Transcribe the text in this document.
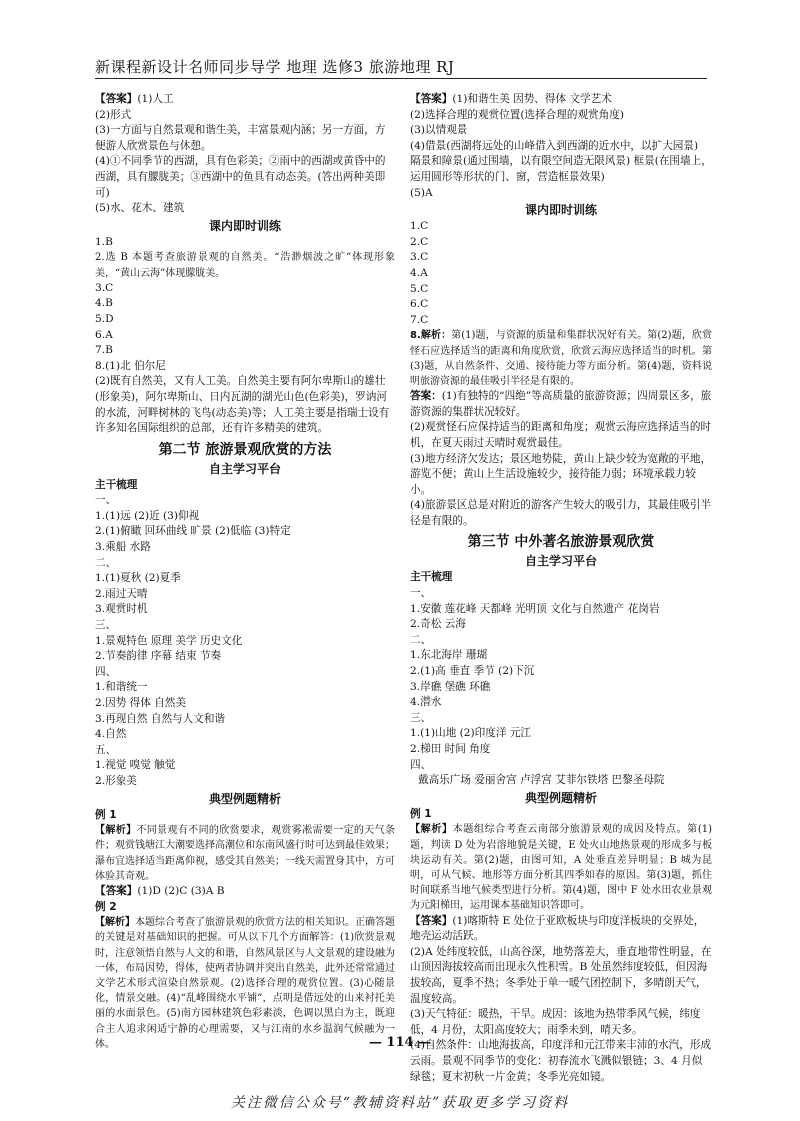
新课程新设计名师同步导学 地理 选修3 旅游地理 RJ
【答案】(1)人工
(2)形式
(3)一方面与自然景观和谐生美，丰富景观内涵；另一方面，方便游人欣赏景色与休憩。
(4)①不同季节的西湖，具有色彩美；②雨中的西湖或黄昏中的西湖，具有朦胧美；③西湖中的鱼具有动态美。(答出两种美即可)
(5)水、花木、建筑
课内即时训练
1.B
2.选 B 本题考查旅游景观的自然美。“浩渺烟波之旷”体现形象美，“黄山云海”体现朦胧美。
3.C
4.B
5.D
6.A
7.B
8.(1)北 伯尔尼
(2)既有自然美，又有人工美。自然美主要有阿尔卑斯山的雄壮(形象美)，阿尔卑斯山、日内瓦湖的湖光山色(色彩美)，罗讷河的水流，河畔树林的飞鸟(动态美)等；人工美主要是指瑞士设有许多知名国际组织的总部，还有许多精美的建筑。
第二节 旅游景观欣赏的方法
自主学习平台
主干梳理
一、
1.(1)远 (2)近 (3)仰视
2.(1)俯瞰 回环曲线 旷景 (2)低临 (3)特定
3.乘船 水路
二、
1.(1)夏秋 (2)夏季
2.雨过天晴
3.观赏时机
三、
1.景观特色 原理 美学 历史文化
2.节奏韵律 序幕 结束 节奏
四、
1.和谐统一
2.因势 得体 自然美
3.再现自然 自然与人文和谐
4.自然
五、
1.视觉 嗅觉 触觉
2.形象美
典型例题精析
例 1
【解析】不同景观有不同的欣赏要求，观赏雾凇需要一定的天气条件；观赏钱塘江大潮要选择高潮位和东南风盛行时可达到最佳效果；瀑布宜选择适当距离仰视，感受其自然美；一线天需置身其中，方可体验其奇观。
【答案】(1)D (2)C (3)A B
例 2
【解析】本题综合考查了旅游景观的欣赏方法的相关知识。正确答题的关键是对基础知识的把握。可从以下几个方面解答：(1)欣赏景观时，注意领悟自然与人文的和谐，自然风景区与人文景观的建设融为一体，布局因势，得体，使两者协调并突出自然美，此外还常常通过文学艺术形式渲染自然景观。(2)选择合理的观赏位置。(3)心随景化，情景交融。(4)“乱峰围绕水平铺”，点明是借远处的山来衬托美丽的水面景色。(5)南方园林建筑色彩素淡，色调以黑白为主，既迎合主人追求闲适宁静的心理需要，又与江南的水乡温润气候融为一体。
【答案】(1)和谐生美 因势、得体 文学艺术
(2)选择合理的观赏位置(选择合理的观赏角度)
(3)以情观景
(4)借景(西湖将远处的山峰借入到西湖的近水中，以扩大园景) 隔景和障景(通过围墙，以有限空间造无限风景) 框景(在围墙上，运用圆形等形状的门、窗，营造框景效果)
(5)A
课内即时训练
1.C
2.C
3.C
4.A
5.C
6.C
7.C
8.解析：第(1)题，与资源的质量和集群状况好有关。第(2)题，欣赏怪石应选择适当的距离和角度欣赏，欣赏云海应选择适当的时机。第(3)题，从自然条件、交通、接待能力等方面分析。第(4)题，资料说明旅游资源的最佳吸引半径是有限的。
答案：(1)有独特的“四绝”等高质量的旅游资源；四周景区多，旅游资源的集群状况较好。
(2)观赏怪石应保持适当的距离和角度；观赏云海应选择适当的时机，在夏天雨过天晴时观赏最佳。
(3)地方经济欠发达；景区地势陡，黄山上缺少较为宽敞的平地，游览不便；黄山上生活设施较少，接待能力弱；环境承载力较小。
(4)旅游景区总是对附近的游客产生较大的吸引力，其最佳吸引半径是有限的。
第三节 中外著名旅游景观欣赏
自主学习平台
主干梳理
一、
1.安徽 莲花峰 天都峰 光明顶 文化与自然遗产 花岗岩
2.奇松 云海
二、
1.东北海岸 珊瑚
2.(1)高 垂直 季节 (2)下沉
3.岸礁 堡礁 环礁
4.潜水
三、
1.(1)山地 (2)印度洋 元江
2.梯田 时间 角度
四、
戴高乐广场 爱丽舍宫 卢浮宫 艾菲尔铁塔 巴黎圣母院
典型例题精析
例 1
【解析】本题组综合考查云南部分旅游景观的成因及特点。第(1)题，判读 D 处为岩溶地貌是关键，E 处火山地热景观的形成多与板块运动有关。第(2)题，由图可知，A 处垂直差异明显；B 城为昆明，可从气候、地形等方面分析其四季如春的原因。第(3)题，抓住时间联系当地气候类型进行分析。第(4)题，图中 F 处水田农业景观为元阳梯田，运用课本基础知识答即可。
【答案】(1)喀斯特 E 处位于亚欧板块与印度洋板块的交界处，地壳运动活跃。
(2)A 处纬度较低，山高谷深，地势落差大，垂直地带性明显，在山顶因海拔较高而出现永久性积雪。B 处虽然纬度较低，但因海拔较高，夏季不热；冬季处于单一暖气团控制下，多晴朗天气，温度较高。
(3)天气特征：暖热，干旱。成因：该地为热带季风气候，纬度低，4 月份，太阳高度较大；雨季未到，晴天多。
(4)自然条件：山地海拔高，印度洋和元江带来丰沛的水汽，形成云雨。景观不同季节的变化：初春流水飞溅似银链；3、4 月似绿毯；夏末初秋一片金黄；冬季光亮如镜。
— 114 —
关注微信公众号“教辅资料站”获取更多学习资料
